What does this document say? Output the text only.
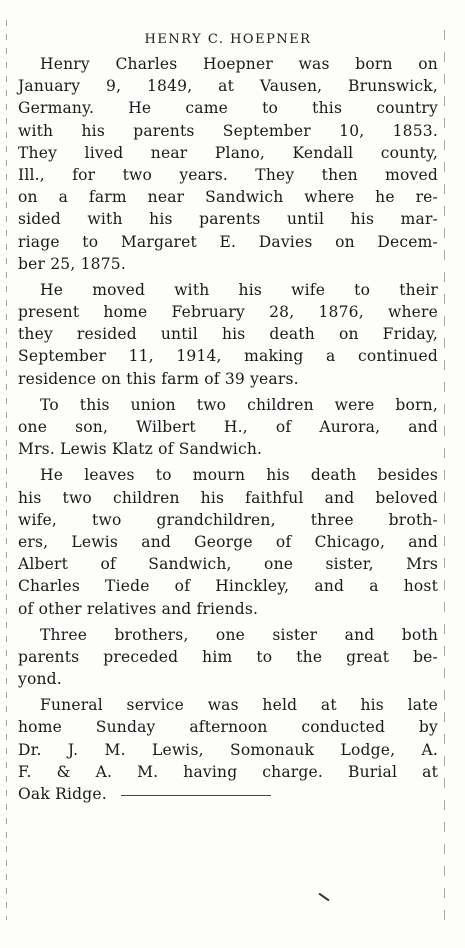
HENRY C. HOEPNER
Henry Charles Hoepner was born on
January 9, 1849, at Vausen, Brunswick,
Germany. He came to this country
with his parents September 10, 1853.
They lived near Plano, Kendall county,
Ill., for two years. They then moved
on a farm near Sandwich where he re-
sided with his parents until his mar-
riage to Margaret E. Davies on Decem-
ber 25, 1875.
He moved with his wife to their
present home February 28, 1876, where
they resided until his death on Friday,
September 11, 1914, making a continued
residence on this farm of 39 years.
To this union two children were born,
one son, Wilbert H., of Aurora, and
Mrs. Lewis Klatz of Sandwich.
He leaves to mourn his death besides
his two children his faithful and beloved
wife, two grandchildren, three broth-
ers, Lewis and George of Chicago, and
Albert of Sandwich, one sister, Mrs
Charles Tiede of Hinckley, and a host
of other relatives and friends.
Three brothers, one sister and both
parents preceded him to the great be-
yond.
Funeral service was held at his late
home Sunday afternoon conducted by
Dr. J. M. Lewis, Somonauk Lodge, A.
F. & A. M. having charge. Burial at
Oak Ridge.
